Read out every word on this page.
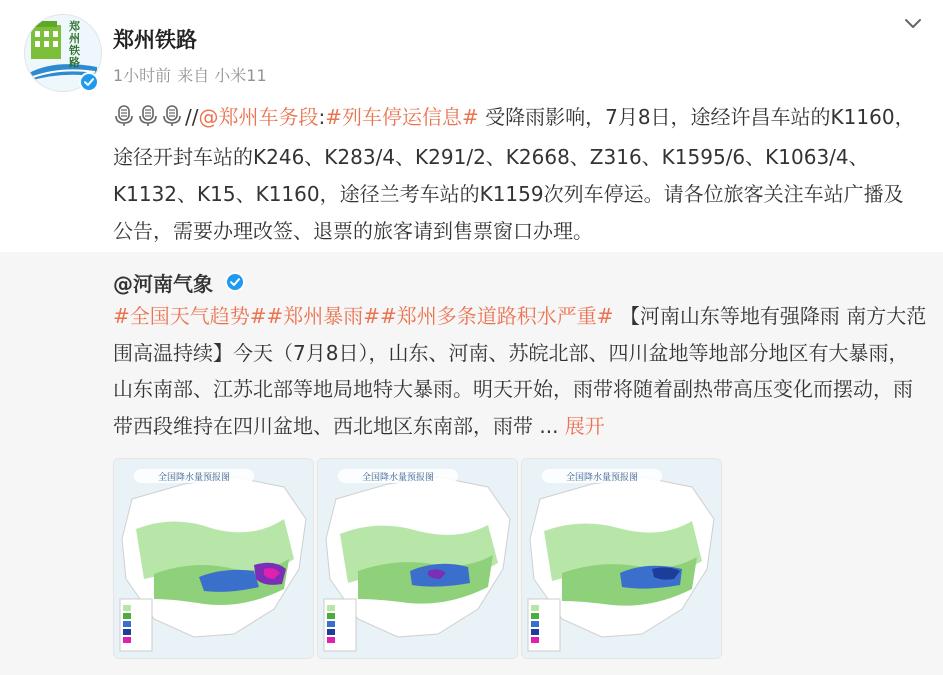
郑州铁路
郑州铁路
1小时前 来自 小米11
//@郑州车务段:#列车停运信息# 受降雨影响，7月8日，途经许昌车站的K1160，途径开封车站的K246、K283/4、K291/2、K2668、Z316、K1595/6、K1063/4、K1132、K15、K1160，途径兰考车站的K1159次列车停运。请各位旅客关注车站广播及公告，需要办理改签、退票的旅客请到售票窗口办理。
@河南气象
#全国天气趋势##郑州暴雨##郑州多条道路积水严重# 【河南山东等地有强降雨 南方大范围高温持续】今天（7月8日），山东、河南、苏皖北部、四川盆地等地部分地区有大暴雨，山东南部、江苏北部等地局地特大暴雨。明天开始，雨带将随着副热带高压变化而摆动，雨带西段维持在四川盆地、西北地区东南部，雨带 ... 展开
全国降水量预报图	全国降水量预报图	全国降水量预报图
